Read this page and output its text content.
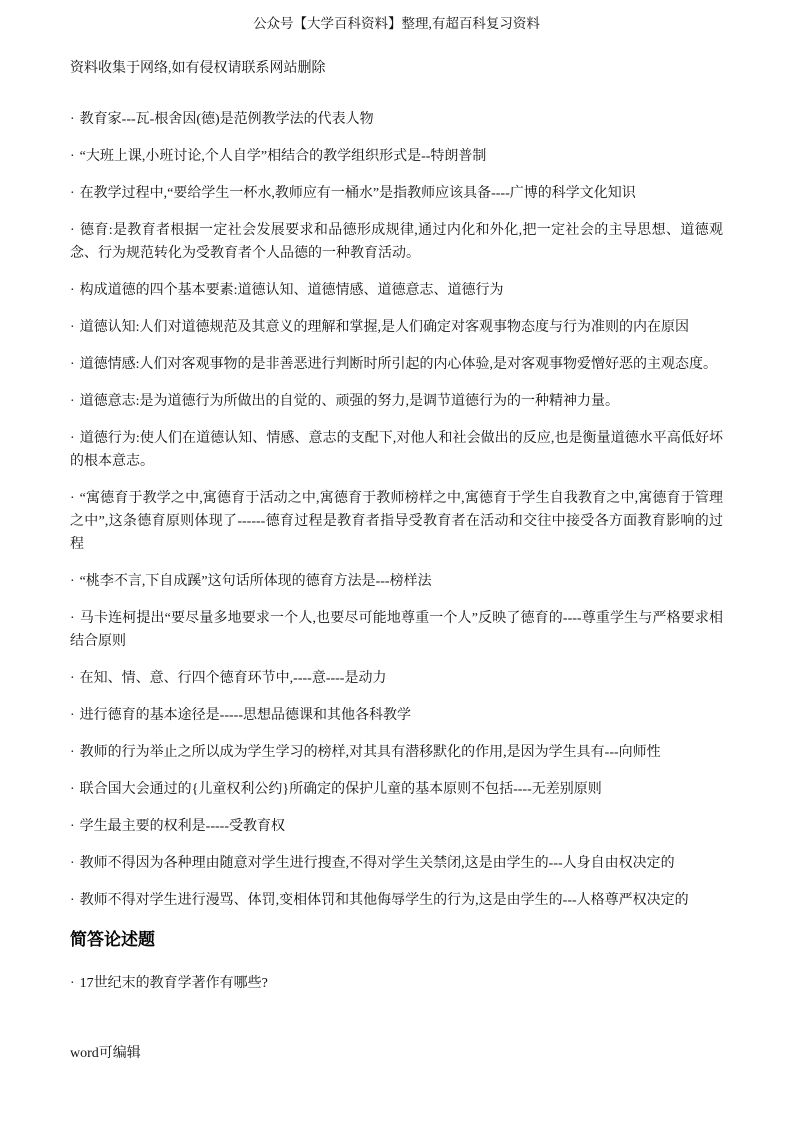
公众号【大学百科资料】整理,有超百科复习资料

资料收集于网络,如有侵权请联系网站删除

· 教育家---瓦-根舍因(德)是范例教学法的代表人物

· “大班上课,小班讨论,个人自学”相结合的教学组织形式是--特朗普制

· 在教学过程中,“要给学生一杯水,教师应有一桶水”是指教师应该具备----广博的科学文化知识

· 德育:是教育者根据一定社会发展要求和品德形成规律,通过内化和外化,把一定社会的主导思想、道德观念、行为规范转化为受教育者个人品德的一种教育活动。

· 构成道德的四个基本要素:道德认知、道德情感、道德意志、道德行为

· 道德认知:人们对道德规范及其意义的理解和掌握,是人们确定对客观事物态度与行为准则的内在原因

· 道德情感:人们对客观事物的是非善恶进行判断时所引起的内心体验,是对客观事物爱憎好恶的主观态度。

· 道德意志:是为道德行为所做出的自觉的、顽强的努力,是调节道德行为的一种精神力量。

· 道德行为:使人们在道德认知、情感、意志的支配下,对他人和社会做出的反应,也是衡量道德水平高低好坏的根本意志。

· “寓德育于教学之中,寓德育于活动之中,寓德育于教师榜样之中,寓德育于学生自我教育之中,寓德育于管理之中”,这条德育原则体现了------德育过程是教育者指导受教育者在活动和交往中接受各方面教育影响的过程

· “桃李不言,下自成蹊”这句话所体现的德育方法是---榜样法

· 马卡连柯提出“要尽量多地要求一个人,也要尽可能地尊重一个人”反映了德育的----尊重学生与严格要求相结合原则

· 在知、情、意、行四个德育环节中,----意----是动力

· 进行德育的基本途径是-----思想品德课和其他各科教学

· 教师的行为举止之所以成为学生学习的榜样,对其具有潜移默化的作用,是因为学生具有---向师性

· 联合国大会通过的{儿童权利公约}所确定的保护儿童的基本原则不包括----无差别原则

· 学生最主要的权利是-----受教育权

· 教师不得因为各种理由随意对学生进行搜查,不得对学生关禁闭,这是由学生的---人身自由权决定的

· 教师不得对学生进行漫骂、体罚,变相体罚和其他侮辱学生的行为,这是由学生的---人格尊严权决定的

简答论述题

· 17世纪末的教育学著作有哪些?

word可编辑
